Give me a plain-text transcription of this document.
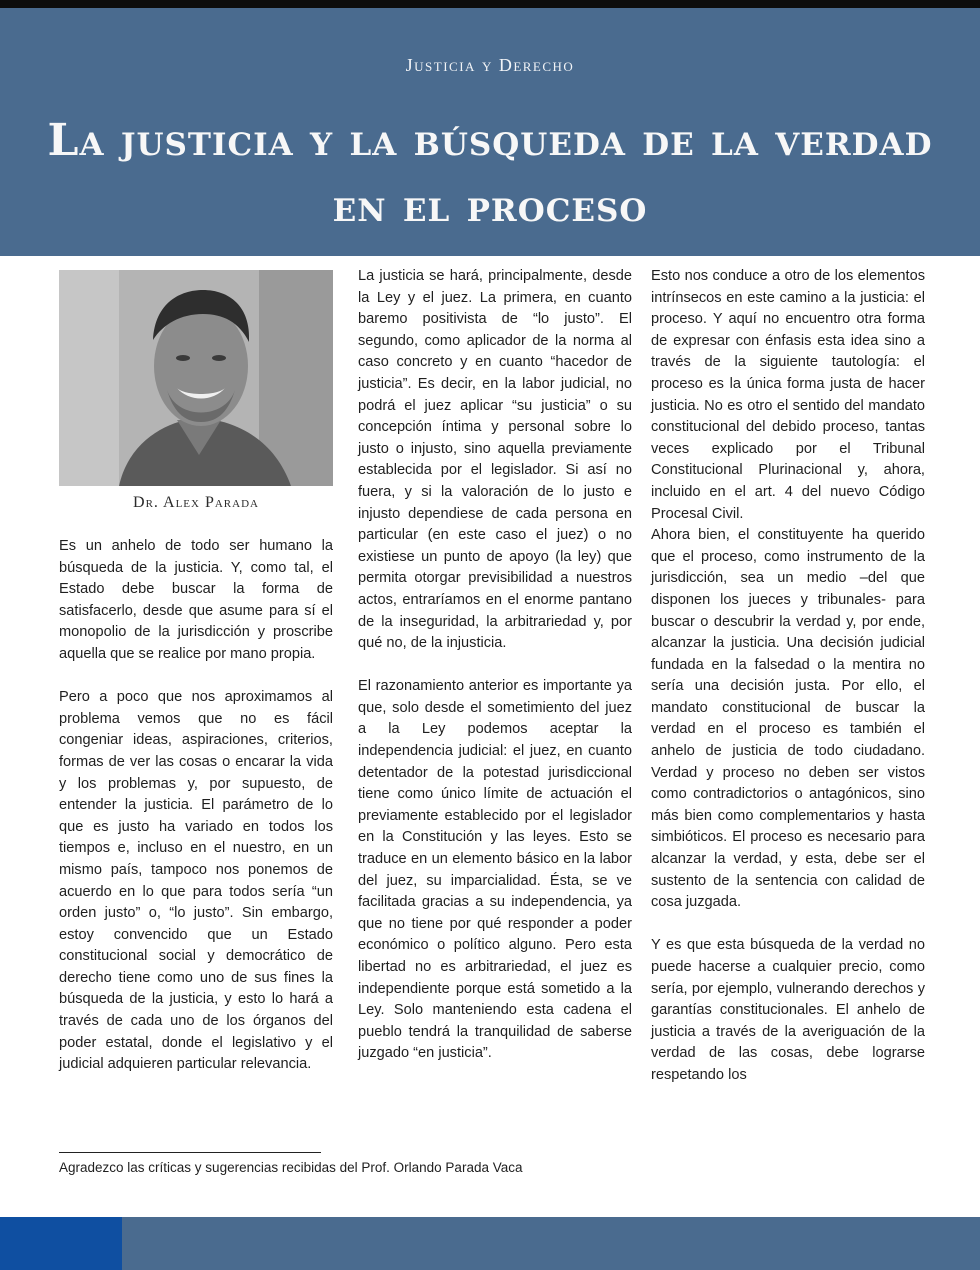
Justicia y Derecho
La justicia y la búsqueda de la verdad en el proceso
Dr. Alex Parada

Es un anhelo de todo ser humano la búsqueda de la justicia. Y, como tal, el Estado debe buscar la forma de satisfacerlo, desde que asume para sí el monopolio de la jurisdicción y proscribe aquella que se realice por mano propia.

Pero a poco que nos aproximamos al problema vemos que no es fácil congeniar ideas, aspiraciones, criterios, formas de ver las cosas o encarar la vida y los problemas y, por supuesto, de entender la justicia. El parámetro de lo que es justo ha variado en todos los tiempos e, incluso en el nuestro, en un mismo país, tampoco nos ponemos de acuerdo en lo que para todos sería “un orden justo” o, “lo justo”. Sin embargo, estoy convencido que un Estado constitucional social y democrático de derecho tiene como uno de sus fines la búsqueda de la justicia, y esto lo hará a través de cada uno de los órganos del poder estatal, donde el legislativo y el judicial adquieren particular relevancia.

La justicia se hará, principalmente, desde la Ley y el juez. La primera, en cuanto baremo positivista de “lo justo”. El segundo, como aplicador de la norma al caso concreto y en cuanto “hacedor de justicia”. Es decir, en la labor judicial, no podrá el juez aplicar “su justicia” o su concepción íntima y personal sobre lo justo o injusto, sino aquella previamente establecida por el legislador. Si así no fuera, y si la valoración de lo justo e injusto dependiese de cada persona en particular (en este caso el juez) o no existiese un punto de apoyo (la ley) que permita otorgar previsibilidad a nuestros actos, entraríamos en el enorme pantano de la inseguridad, la arbitrariedad y, por qué no, de la injusticia.

El razonamiento anterior es importante ya que, solo desde el sometimiento del juez a la Ley podemos aceptar la independencia judicial: el juez, en cuanto detentador de la potestad jurisdiccional tiene como único límite de actuación el previamente establecido por el legislador en la Constitución y las leyes. Esto se traduce en un elemento básico en la labor del juez, su imparcialidad. Ésta, se ve facilitada gracias a su independencia, ya que no tiene por qué responder a poder económico o político alguno. Pero esta libertad no es arbitrariedad, el juez es independiente porque está sometido a la Ley. Solo manteniendo esta cadena el pueblo tendrá la tranquilidad de saberse juzgado “en justicia”.

Esto nos conduce a otro de los elementos intrínsecos en este camino a la justicia: el proceso. Y aquí no encuentro otra forma de expresar con énfasis esta idea sino a través de la siguiente tautología: el proceso es la única forma justa de hacer justicia. No es otro el sentido del mandato constitucional del debido proceso, tantas veces explicado por el Tribunal Constitucional Plurinacional y, ahora, incluido en el art. 4 del nuevo Código Procesal Civil.

Ahora bien, el constituyente ha querido que el proceso, como instrumento de la jurisdicción, sea un medio –del que disponen los jueces y tribunales- para buscar o descubrir la verdad y, por ende, alcanzar la justicia. Una decisión judicial fundada en la falsedad o la mentira no sería una decisión justa. Por ello, el mandato constitucional de buscar la verdad en el proceso es también el anhelo de justicia de todo ciudadano. Verdad y proceso no deben ser vistos como contradictorios o antagónicos, sino más bien como complementarios y hasta simbióticos. El proceso es necesario para alcanzar la verdad, y esta, debe ser el sustento de la sentencia con calidad de cosa juzgada.

Y es que esta búsqueda de la verdad no puede hacerse a cualquier precio, como sería, por ejemplo, vulnerando derechos y garantías constitucionales. El anhelo de justicia a través de la averiguación de la verdad de las cosas, debe lograrse respetando los

Agradezco las críticas y sugerencias recibidas del Prof. Orlando Parada Vaca
